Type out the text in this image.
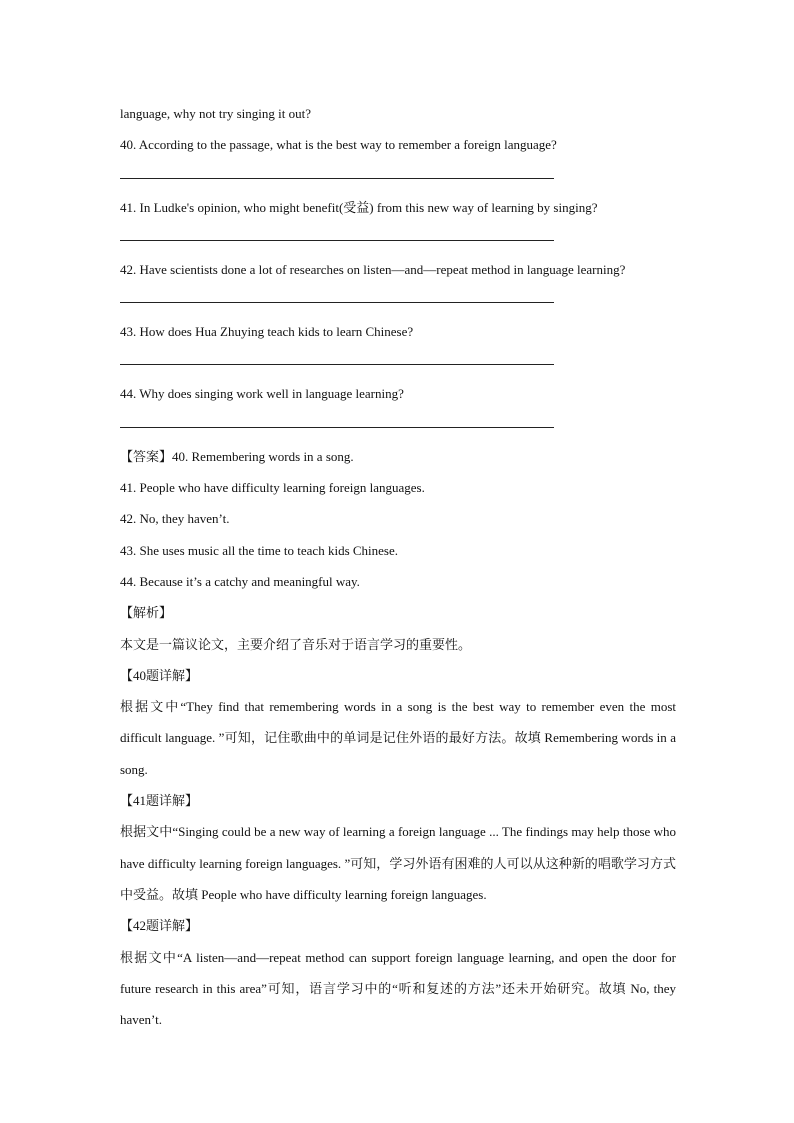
language, why not try singing it out?
40. According to the passage, what is the best way to remember a foreign language?
41. In Ludke's opinion, who might benefit(受益) from this new way of learning by singing?
42. Have scientists done a lot of researches on listen—and—repeat method in language learning?
43. How does Hua Zhuying teach kids to learn Chinese?
44. Why does singing work well in language learning?
【答案】40. Remembering words in a song.
41. People who have difficulty learning foreign languages.
42. No, they haven’t.
43. She uses music all the time to teach kids Chinese.
44. Because it’s a catchy and meaningful way.
【解析】
本文是一篇议论文，主要介绍了音乐对于语言学习的重要性。
【40题详解】
根据文中“They find that remembering words in a song is the best way to remember even the most difficult language. ”可知，记住歌曲中的单词是记住外语的最好方法。故填 Remembering words in a song.
【41题详解】
根据文中“Singing could be a new way of learning a foreign language ... The findings may help those who have difficulty learning foreign languages. ”可知，学习外语有困难的人可以从这种新的唱歌学习方式中受益。故填 People who have difficulty learning foreign languages.
【42题详解】
根据文中“A listen—and—repeat method can support foreign language learning, and open the door for future research in this area”可知，语言学习中的“听和复述的方法”还未开始研究。故填 No, they haven’t.
